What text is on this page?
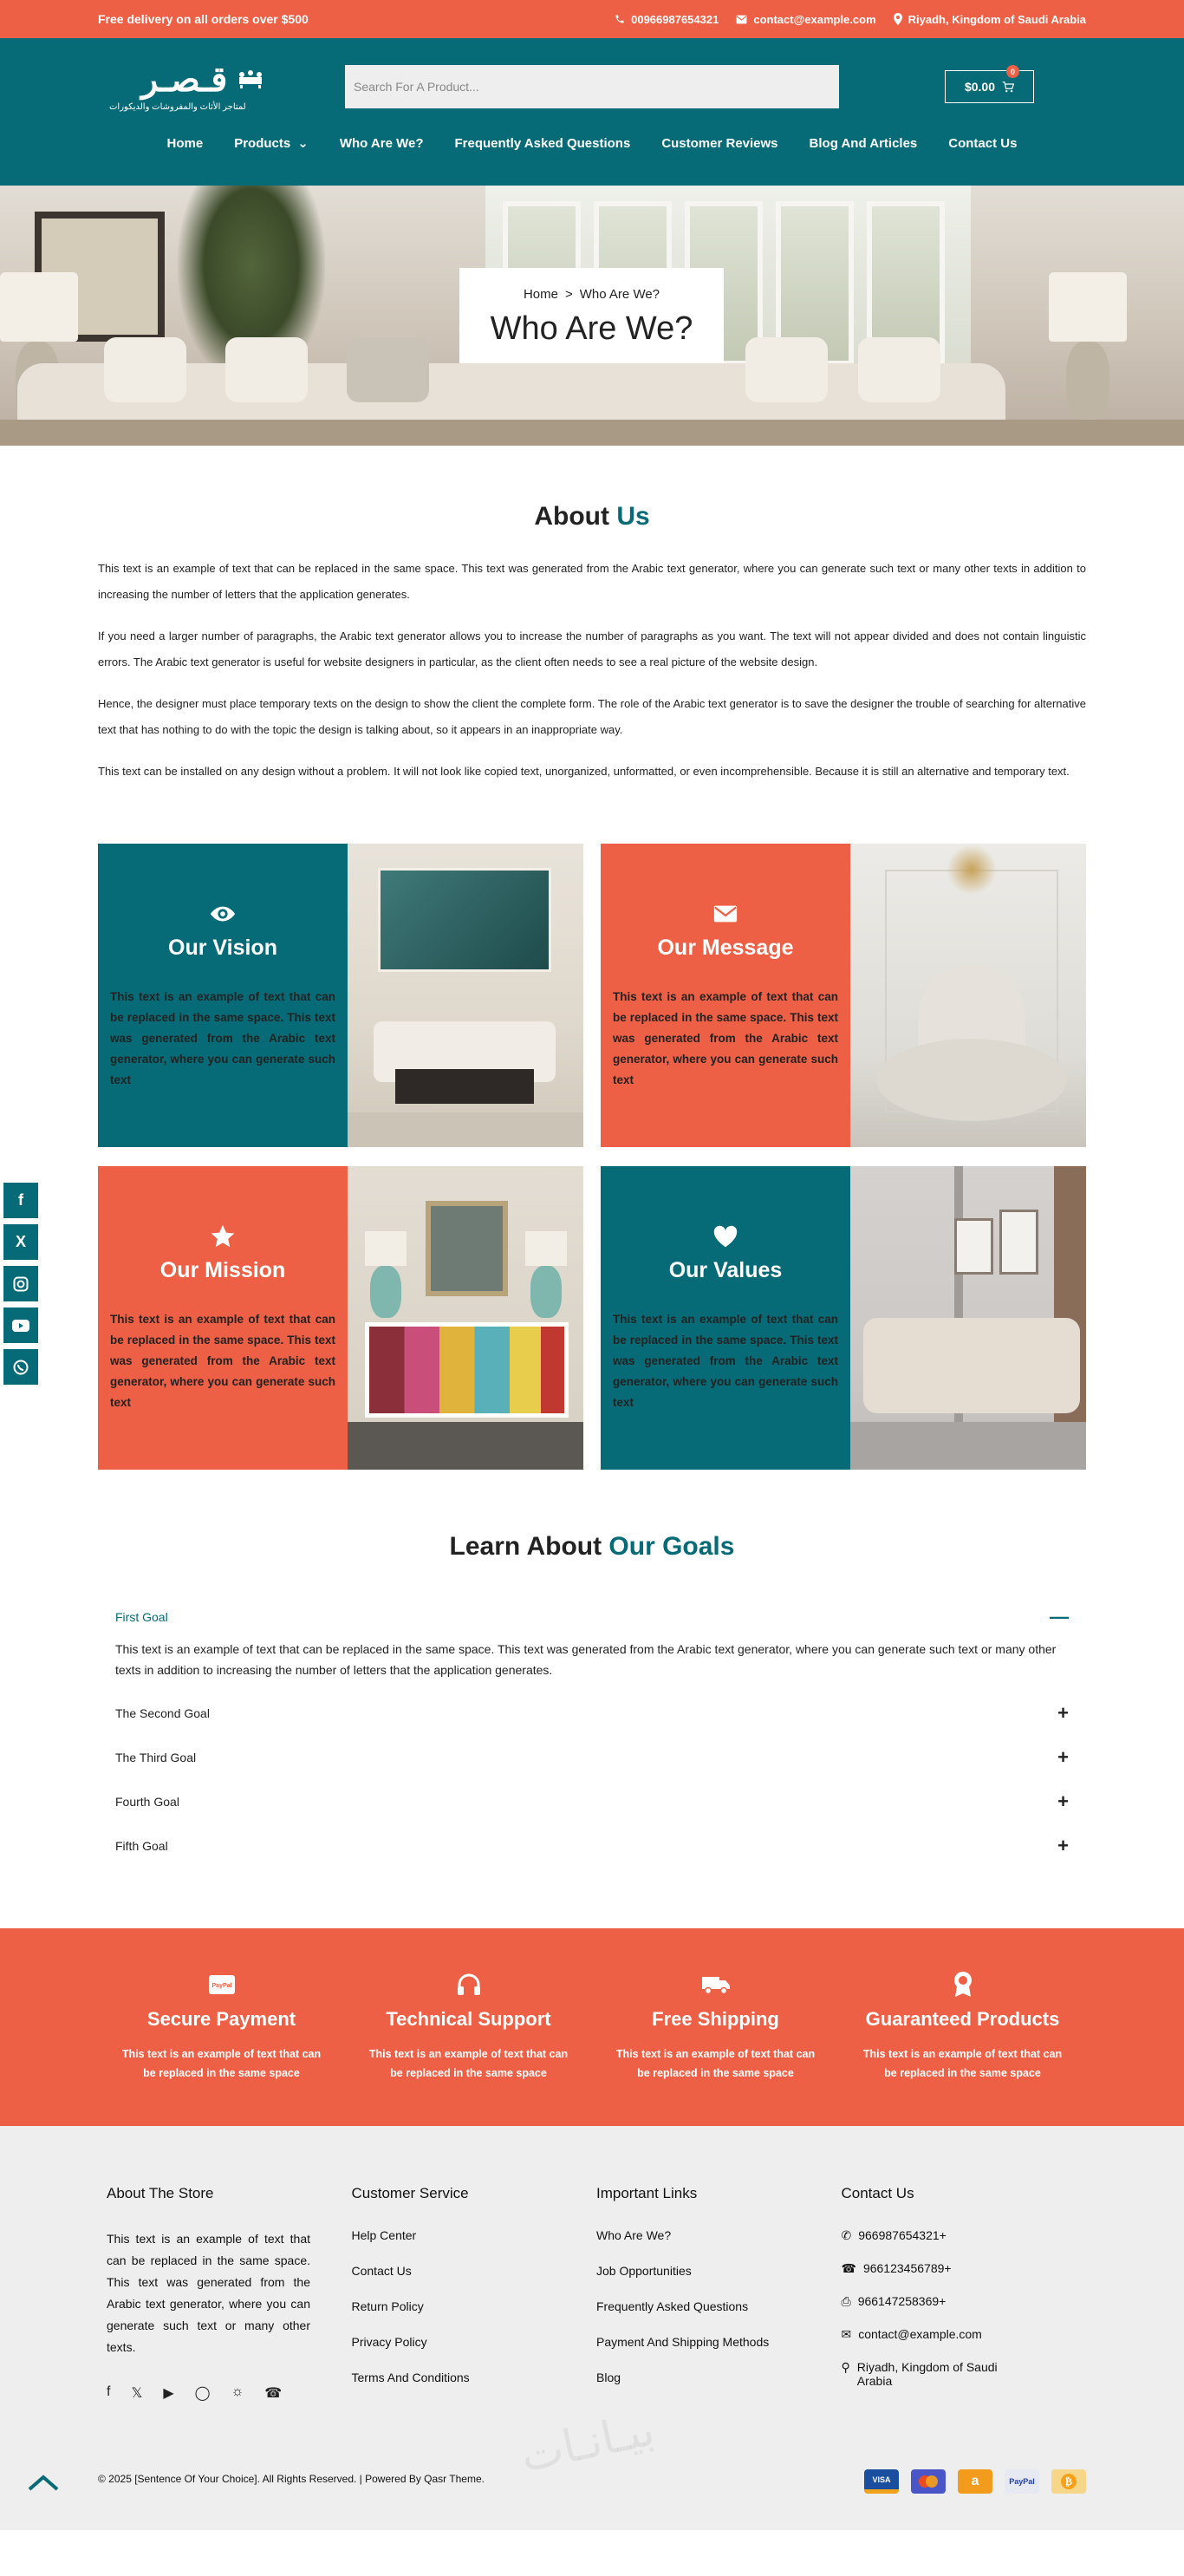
Free delivery on all orders over $500	00966987654321	contact@example.com	Riyadh, Kingdom of Saudi Arabia
قـصـر
لمتاجر الأثاث والمفروشات والديكورات
Search For A Product...
$0.00
0
Home Products ⌄ Who Are We? Frequently Asked Questions Customer Reviews Blog And Articles Contact Us
Home > Who Are We?
Who Are We?
About Us

This text is an example of text that can be replaced in the same space. This text was generated from the Arabic text generator, where you can generate such text or many other texts in addition to increasing the number of letters that the application generates.

If you need a larger number of paragraphs, the Arabic text generator allows you to increase the number of paragraphs as you want. The text will not appear divided and does not contain linguistic errors. The Arabic text generator is useful for website designers in particular, as the client often needs to see a real picture of the website design.

Hence, the designer must place temporary texts on the design to show the client the complete form. The role of the Arabic text generator is to save the designer the trouble of searching for alternative text that has nothing to do with the topic the design is talking about, so it appears in an inappropriate way.

This text can be installed on any design without a problem. It will not look like copied text, unorganized, unformatted, or even incomprehensible. Because it is still an alternative and temporary text.

Our Vision

This text is an example of text that can be replaced in the same space. This text was generated from the Arabic text generator, where you can generate such text

Our Message

This text is an example of text that can be replaced in the same space. This text was generated from the Arabic text generator, where you can generate such text

Our Mission

This text is an example of text that can be replaced in the same space. This text was generated from the Arabic text generator, where you can generate such text

Our Values

This text is an example of text that can be replaced in the same space. This text was generated from the Arabic text generator, where you can generate such text

Learn About Our Goals
First Goal	—
This text is an example of text that can be replaced in the same space. This text was generated from the Arabic text generator, where you can generate such text or many other texts in addition to increasing the number of letters that the application generates.
The Second Goal	+
The Third Goal	+
Fourth Goal	+
Fifth Goal	+
PayPal
Secure Payment

This text is an example of text that can be replaced in the same space

Technical Support

This text is an example of text that can be replaced in the same space

Free Shipping

This text is an example of text that can be replaced in the same space

Guaranteed Products

This text is an example of text that can be replaced in the same space

About The Store

This text is an example of text that can be replaced in the same space. This text was generated from the Arabic text generator, where you can generate such text or many other texts.

f 𝕏 ▶ ◯ ☼ ☎
Customer Service
Help Center
Contact Us
Return Policy
Privacy Policy
Terms And Conditions
Important Links
Who Are We?
Job Opportunities
Frequently Asked Questions
Payment And Shipping Methods
Blog
Contact Us
✆ 966987654321+
☎ 966123456789+
⎙ 966147258369+
✉ contact@example.com
⚲ Riyadh, Kingdom of Saudi Arabia
بيـانـات
© 2025 [Sentence Of Your Choice]. All Rights Reserved. | Powered By Qasr Theme.	VISA	a	PayPal	₿
f
X
